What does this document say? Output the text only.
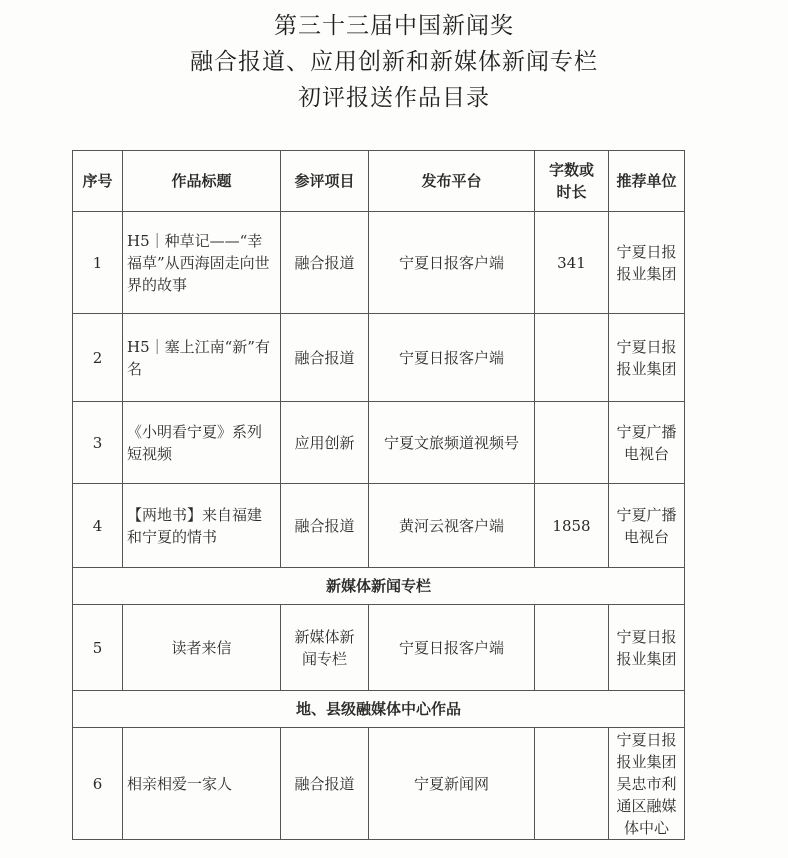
第三十三届中国新闻奖
融合报道、应用创新和新媒体新闻专栏
初评报送作品目录
序号	作品标题	参评项目	发布平台	字数或时长	推荐单位
1	H5｜种草记——“幸福草”从西海固走向世界的故事	融合报道	宁夏日报客户端	341	宁夏日报报业集团
2	H5｜塞上江南“新”有名	融合报道	宁夏日报客户端		宁夏日报报业集团
3	《小明看宁夏》系列短视频	应用创新	宁夏文旅频道视频号		宁夏广播电视台
4	【两地书】来自福建和宁夏的情书	融合报道	黄河云视客户端	1858	宁夏广播电视台
新媒体新闻专栏					
5	读者来信	新媒体新闻专栏	宁夏日报客户端		宁夏日报报业集团
地、县级融媒体中心作品					
6	相亲相爱一家人	融合报道	宁夏新闻网		宁夏日报报业集团吴忠市利通区融媒体中心
